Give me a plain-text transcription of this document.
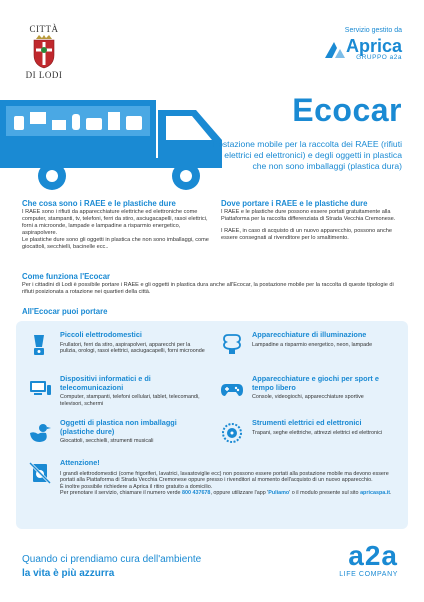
CITTÀ
DI LODI
Servizio gestito da
Aprica
GRUPPO a2a
Ecocar
Postazione mobile per la raccolta dei RAEE (rifiuti elettrici ed elettronici) e degli oggetti in plastica che non sono imballaggi (plastica dura)
Che cosa sono i RAEE e le plastiche dure

I RAEE sono i rifiuti da apparecchiature elettriche ed elettroniche come computer, stampanti, tv, telefoni, ferri da stiro, asciugacapelli, rasoi elettrici, forni a microonde, lampade e lampadine a risparmio energetico, aspirapolvere.

Le plastiche dure sono gli oggetti in plastica che non sono imballaggi, come giocattoli, secchielli, bacinelle ecc..

Dove portare i RAEE e le plastiche dure

I RAEE e le plastiche dure possono essere portati gratuitamente alla Piattaforma per la raccolta differenziata di Strada Vecchia Cremonese.

I RAEE, in caso di acquisto di un nuovo apparecchio, possono anche essere consegnati al rivenditore per lo smaltimento.

Come funziona l'Ecocar

Per i cittadini di Lodi è possibile portare i RAEE e gli oggetti in plastica dura anche all'Ecocar, la postazione mobile per la raccolta di queste tipologie di rifiuti posizionata a rotazione nei quartieri della città.

All'Ecocar puoi portare
Piccoli elettrodomestici

Frullatori, ferri da stiro, aspirapolveri, apparecchi per la pulizia, orologi, rasoi elettrici, asciugacapelli, forni microonde

Apparecchiature di illuminazione

Lampadine a risparmio energetico, neon, lampade

Dispositivi informatici e di telecomunicazioni

Computer, stampanti, telefoni cellulari, tablet, telecomandi, televisori, schermi

Apparecchiature e giochi per sport e tempo libero

Console, videogiochi, apparecchiature sportive

Oggetti di plastica non imballaggi (plastiche dure)

Giocattoli, secchielli, strumenti musicali

Strumenti elettrici ed elettronici

Trapani, seghe elettriche, attrezzi elettrici ed elettronici

Attenzione!

I grandi elettrodomestici (come frigoriferi, lavatrici, lavastoviglie ecc) non possono essere portati alla postazione mobile ma devono essere portati alla Piattaforma di Strada Vecchia Cremonese oppure presso i rivenditori al momento dell'acquisto di un nuovo apparecchio.
È inoltre possibile richiedere a Aprica il ritiro gratuito a domicilio.
Per prenotare il servizio, chiamare il numero verde 800 437678, oppure utilizzare l'app 'Puliamo' o il modulo presente sul sito apricaspa.it.

Quando ci prendiamo cura dell'ambiente
la vita è più azzurra
a2a
LIFE COMPANY
